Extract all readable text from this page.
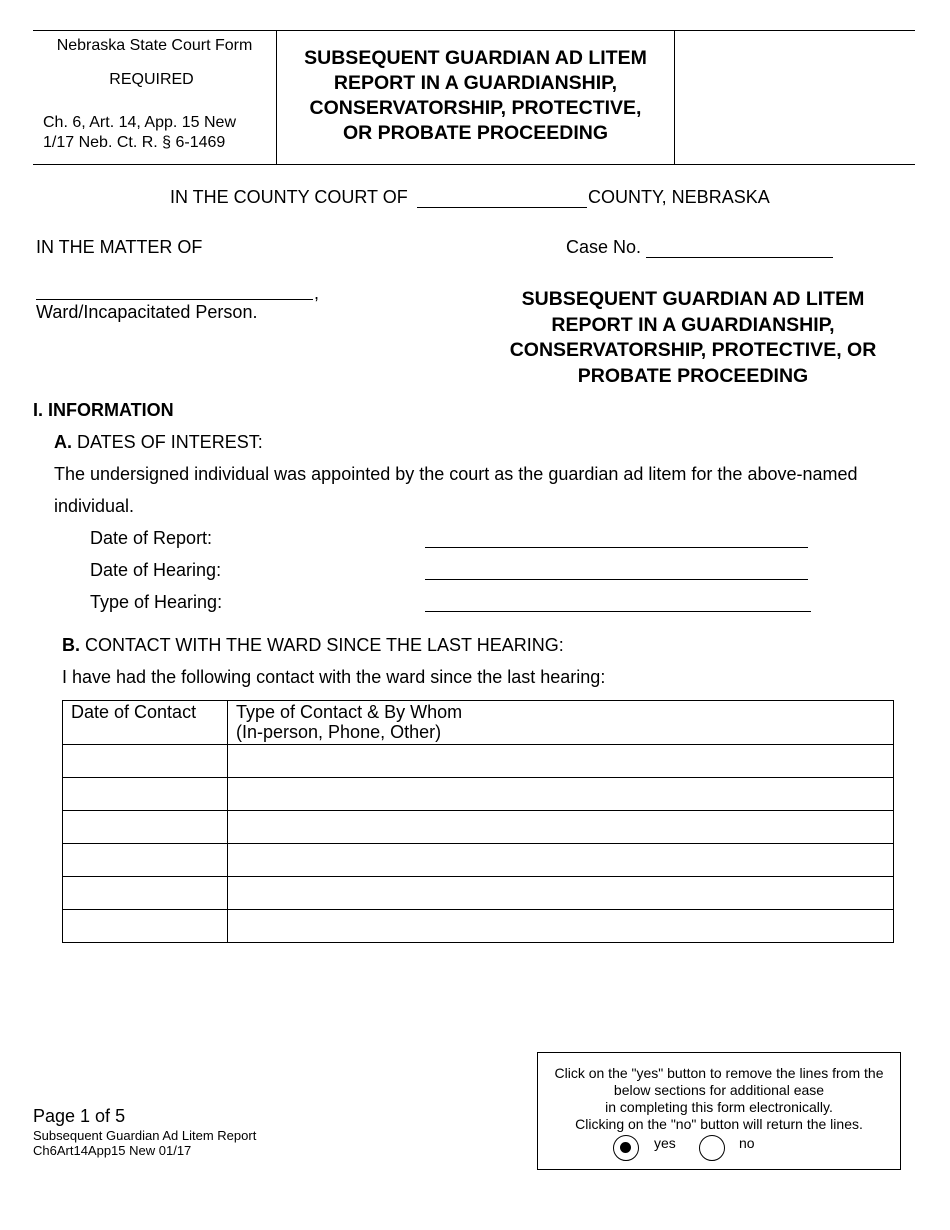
Nebraska State Court Form
REQUIRED
Ch. 6, Art. 14, App. 15 New
1/17 Neb. Ct. R. § 6-1469
SUBSEQUENT GUARDIAN AD LITEM
REPORT IN A GUARDIANSHIP,
CONSERVATORSHIP, PROTECTIVE,
OR PROBATE PROCEEDING
IN THE COUNTY COURT OF	COUNTY, NEBRASKA
IN THE MATTER OF	Case No.
,
Ward/Incapacitated Person.
SUBSEQUENT GUARDIAN AD LITEM
REPORT IN A GUARDIANSHIP,
CONSERVATORSHIP, PROTECTIVE, OR
PROBATE PROCEEDING
I. INFORMATION
A. DATES OF INTEREST:
The undersigned individual was appointed by the court as the guardian ad litem for the above-named
individual.
Date of Report:
Date of Hearing:
Type of Hearing:
B. CONTACT WITH THE WARD SINCE THE LAST HEARING:
I have had the following contact with the ward since the last hearing:
Date of Contact	Type of Contact & By Whom
(In-person, Phone, Other)

Page 1 of 5
Subsequent Guardian Ad Litem Report
Ch6Art14App15 New 01/17
Click on the "yes" button to remove the lines from the
below sections for additional ease
in completing this form electronically.
Clicking on the "no" button will return the lines.
yes	no
